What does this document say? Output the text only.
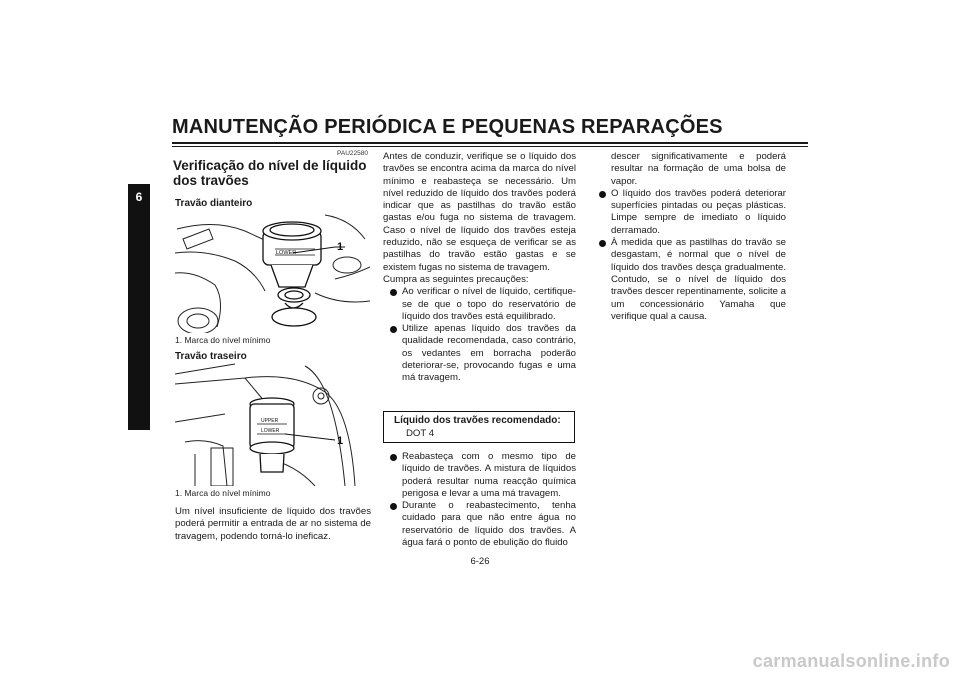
MANUTENÇÃO PERIÓDICA E PEQUENAS REPARAÇÕES
6
PAU22580
Verificação do nível de líquido dos travões
Travão dianteiro
LOWER	1
1. Marca do nível mínimo
Travão traseiro
UPPER
LOWER
1
1. Marca do nível mínimo
Um nível insuficiente de líquido dos travões poderá permitir a entrada de ar no sistema de travagem, podendo torná-lo ineficaz.
Antes de conduzir, verifique se o líquido dos travões se encontra acima da marca do nível mínimo e reabasteça se necessário. Um nível reduzido de líquido dos travões poderá indicar que as pastilhas do travão estão gastas e/ou fuga no sistema de travagem. Caso o nível de líquido dos travões esteja reduzido, não se esqueça de verificar se as pastilhas do travão estão gastas e se existem fugas no sistema de travagem.
Cumpra as seguintes precauções:
Ao verificar o nível de líquido, certifique-se de que o topo do reservatório de líquido dos travões está equilibrado.
Utilize apenas líquido dos travões da qualidade recomendada, caso contrário, os vedantes em borracha poderão deteriorar-se, provocando fugas e uma má travagem.
Líquido dos travões recomendado:
DOT 4
Reabasteça com o mesmo tipo de líquido de travões. A mistura de líquidos poderá resultar numa reacção química perigosa e levar a uma má travagem.
Durante o reabastecimento, tenha cuidado para que não entre água no reservatório de líquido dos travões. A água fará o ponto de ebulição do fluido
descer significativamente e poderá resultar na formação de uma bolsa de vapor.
O líquido dos travões poderá deteriorar superfícies pintadas ou peças plásticas. Limpe sempre de imediato o líquido derramado.
À medida que as pastilhas do travão se desgastam, é normal que o nível de líquido dos travões desça gradualmente. Contudo, se o nível de líquido dos travões descer repentinamente, solicite a um concessionário Yamaha que verifique qual a causa.
6-26
carmanualsonline.info
